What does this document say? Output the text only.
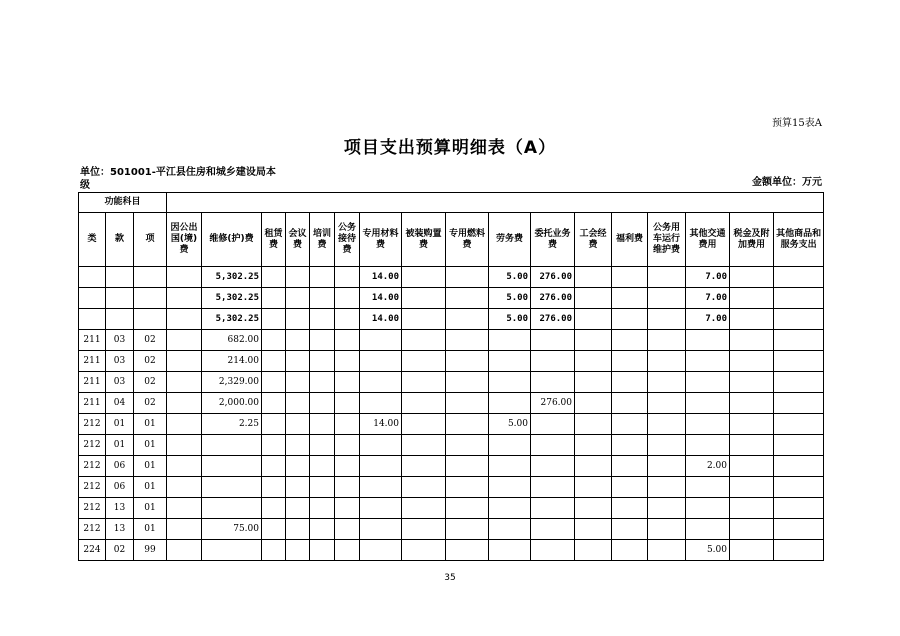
预算15表A
项目支出预算明细表（A）
单位：501001-平江县住房和城乡建设局本级	金额单位：万元
功能科目																			
类	款	项	因公出国(境)费	维修(护)费	租赁费	会议费	培训费	公务接待费	专用材料费	被装购置费	专用燃料费	劳务费	委托业务费	工会经费	福利费	公务用车运行维护费	其他交通费用	税金及附加费用	其他商品和服务支出
				5,302.25					14.00			5.00	276.00				7.00		
				5,302.25					14.00			5.00	276.00				7.00		
				5,302.25					14.00			5.00	276.00				7.00		
211	03	02		682.00															
211	03	02		214.00															
211	03	02		2,329.00															
211	04	02		2,000.00									276.00						
212	01	01		2.25					14.00			5.00							
212	01	01																	
212	06	01															2.00		
212	06	01																	
212	13	01																	
212	13	01		75.00															
224	02	99															5.00		
35
